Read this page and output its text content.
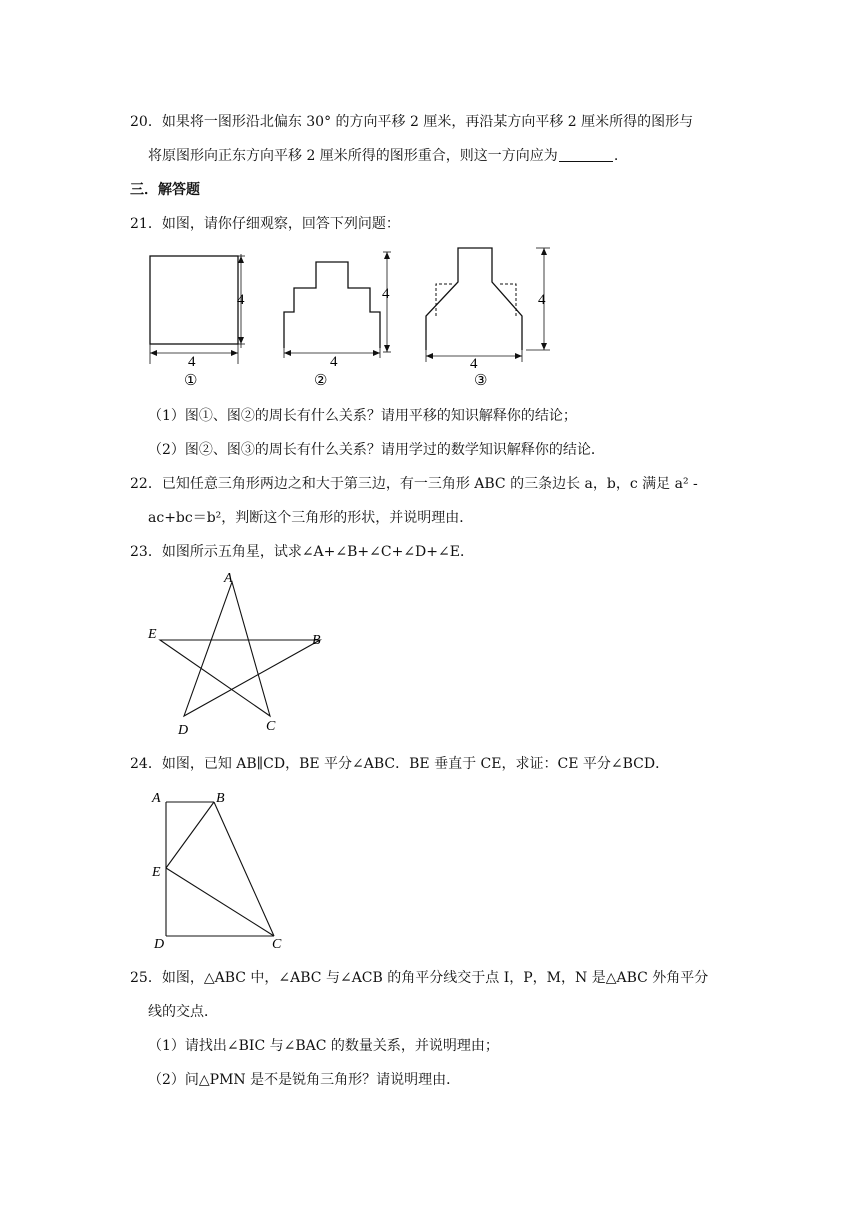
20．如果将一图形沿北偏东 30° 的方向平移 2 厘米，再沿某方向平移 2 厘米所得的图形与
将原图形向正东方向平移 2 厘米所得的图形重合，则这一方向应为	.
三．解答题
21．如图，请你仔细观察，回答下列问题：
4
4
①
4
4
②
4
4
③
（1）图①、图②的周长有什么关系？请用平移的知识解释你的结论；
（2）图②、图③的周长有什么关系？请用学过的数学知识解释你的结论．
22．已知任意三角形两边之和大于第三边，有一三角形 ABC 的三条边长 a，b，c 满足 a² -
ac+bc＝b²，判断这个三角形的形状，并说明理由．
23．如图所示五角星，试求∠A+∠B+∠C+∠D+∠E．
A
B
C
D
E
24．如图，已知 AB∥CD，BE 平分∠ABC．BE 垂直于 CE，求证：CE 平分∠BCD．
A	B
C
D
E
25．如图，△ABC 中，∠ABC 与∠ACB 的角平分线交于点 I，P，M，N 是△ABC 外角平分
线的交点．
（1）请找出∠BIC 与∠BAC 的数量关系，并说明理由；
（2）问△PMN 是不是锐角三角形？请说明理由．
